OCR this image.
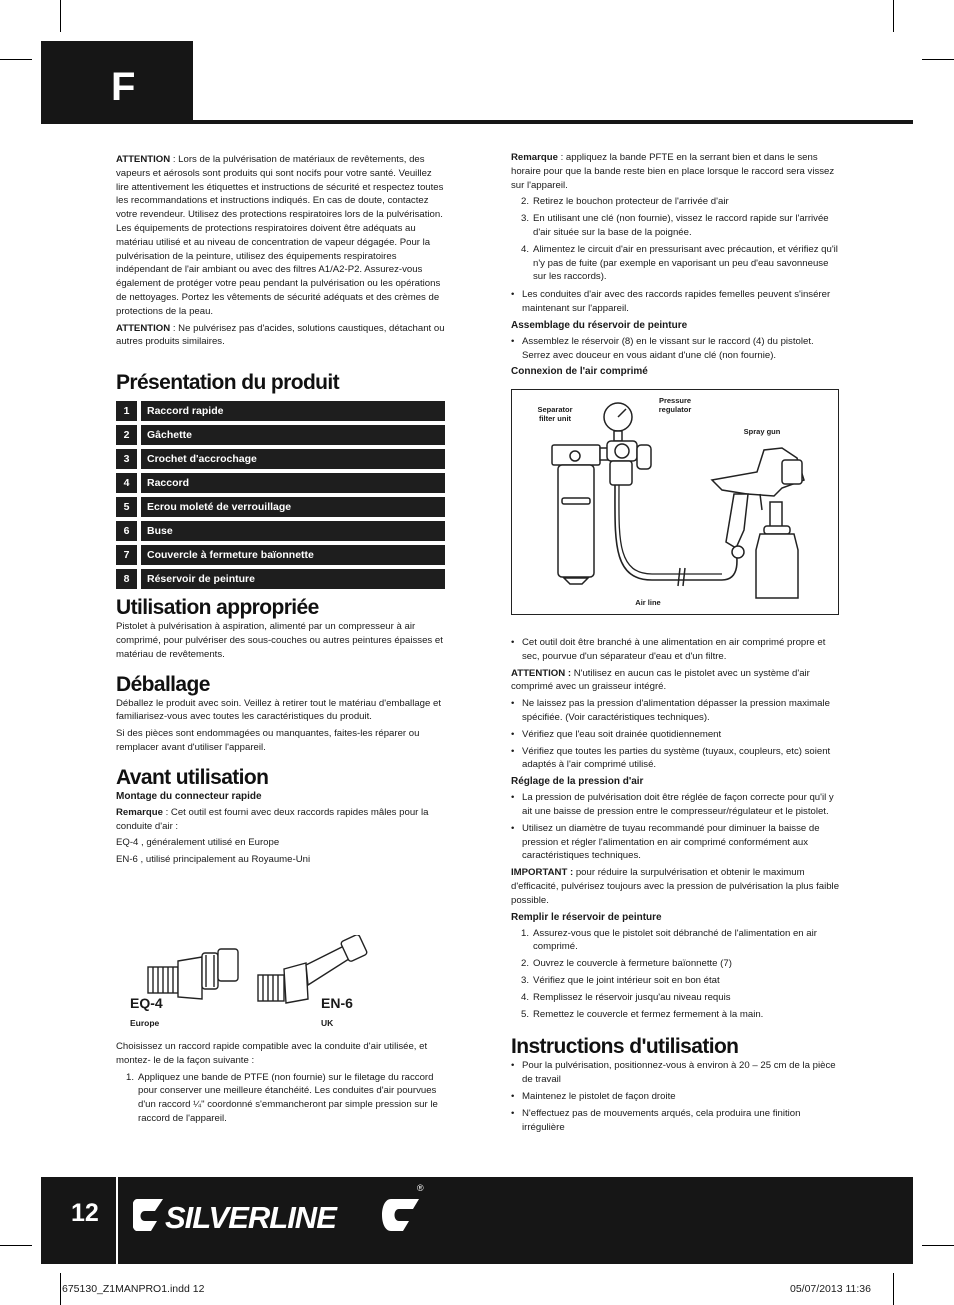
F

ATTENTION : Lors de la pulvérisation de matériaux de revêtements, des vapeurs et aérosols sont produits qui sont nocifs pour votre santé. Veuillez lire attentivement les étiquettes et instructions de sécurité et respectez toutes les recommandations et instructions indiqués. En cas de doute, contactez votre revendeur. Utilisez des protections respiratoires lors de la pulvérisation. Les équipements de protections respiratoires doivent être adéquats au matériau utilisé et au niveau de concentration de vapeur dégagée. Pour la pulvérisation de la peinture, utilisez des équipements respiratoires indépendant de l'air ambiant ou avec des filtres A1/A2-P2. Assurez-vous également de protéger votre peau pendant la pulvérisation ou les opérations de nettoyages. Portez les vêtements de sécurité adéquats et des crèmes de protections de la peau.

ATTENTION : Ne pulvérisez pas d'acides, solutions caustiques, détachant ou autres produits similaires.

Présentation du produit
1	Raccord rapide
2	Gâchette
3	Crochet d'accrochage
4	Raccord
5	Ecrou moleté de verrouillage
6	Buse
7	Couvercle à fermeture baïonnette
8	Réservoir de peinture
Utilisation appropriée

Pistolet à pulvérisation à aspiration, alimenté par un compresseur à air comprimé, pour pulvériser des sous-couches ou autres peintures épaisses et matériau de revêtements.

Déballage

Déballez le produit avec soin. Veillez à retirer tout le matériau d'emballage et familiarisez-vous avec toutes les caractéristiques du produit.

Si des pièces sont endommagées ou manquantes, faites-les réparer ou remplacer avant d'utiliser l'appareil.

Avant utilisation
Montage du connecteur rapide

Remarque : Cet outil est fourni avec deux raccords rapides mâles pour la conduite d'air :

EQ-4 , généralement utilisé en Europe

EN-6 , utilisé principalement au Royaume-Uni

EQ-4
Europe
EN-6
UK

Choisissez un raccord rapide compatible avec la conduite d'air utilisée, et montez- le de la façon suivante :

1. Appliquez une bande de PTFE (non fournie) sur le filetage du raccord pour conserver une meilleure étanchéité. Les conduites d'air pourvues d'un raccord ¼" coordonné s'emmancheront par simple pression sur le raccord de l'appareil.

Remarque : appliquez la bande PFTE en la serrant bien et dans le sens horaire pour que la bande reste bien en place lorsque le raccord sera vissez sur l'appareil.

2. Retirez le bouchon protecteur de l'arrivée d'air
3. En utilisant une clé (non fournie), vissez le raccord rapide sur l'arrivée d'air située sur la base de la poignée.
4. Alimentez le circuit d'air en pressurisant avec précaution, et vérifiez qu'il n'y pas de fuite (par exemple en vaporisant un peu d'eau savonneuse sur les raccords).
• Les conduites d'air avec des raccords rapides femelles peuvent s'insérer maintenant sur l'appareil.
Assemblage du réservoir de peinture
• Assemblez le réservoir (8) en le vissant sur le raccord (4) du pistolet. Serrez avec douceur en vous aidant d'une clé (non fournie).
Connexion de l'air comprimé
Separator filter unit
Pressure regulator
Spray gun
Air line
• Cet outil doit être branché à une alimentation en air comprimé propre et sec, pourvue d'un séparateur d'eau et d'un filtre.

ATTENTION : N'utilisez en aucun cas le pistolet avec un système d'air comprimé avec un graisseur intégré.

• Ne laissez pas la pression d'alimentation dépasser la pression maximale spécifiée. (Voir caractéristiques techniques).
• Vérifiez que l'eau soit drainée quotidiennement
• Vérifiez que toutes les parties du système (tuyaux, coupleurs, etc) soient adaptés à l'air comprimé utilisé.
Réglage de la pression d'air
• La pression de pulvérisation doit être réglée de façon correcte pour qu'il y ait une baisse de pression entre le compresseur/régulateur et le pistolet.
• Utilisez un diamètre de tuyau recommandé pour diminuer la baisse de pression et régler l'alimentation en air comprimé conformément aux caractéristiques techniques.

IMPORTANT : pour réduire la surpulvérisation et obtenir le maximum d'efficacité, pulvérisez toujours avec la pression de pulvérisation la plus faible possible.

Remplir le réservoir de peinture
1. Assurez-vous que le pistolet soit débranché de l'alimentation en air comprimé.
2. Ouvrez le couvercle à fermeture baïonnette (7)
3. Vérifiez que le joint intérieur soit en bon état
4. Remplissez le réservoir jusqu'au niveau requis
5. Remettez le couvercle et fermez fermement à la main.
Instructions d'utilisation
• Pour la pulvérisation, positionnez-vous à environ à 20 – 25 cm de la pièce de travail
• Maintenez le pistolet de façon droite
• N'effectuez pas de mouvements arqués, cela produira une finition irrégulière
12 SILVERLINE
®
675130_Z1MANPRO1.indd 12	05/07/2013 11:36
